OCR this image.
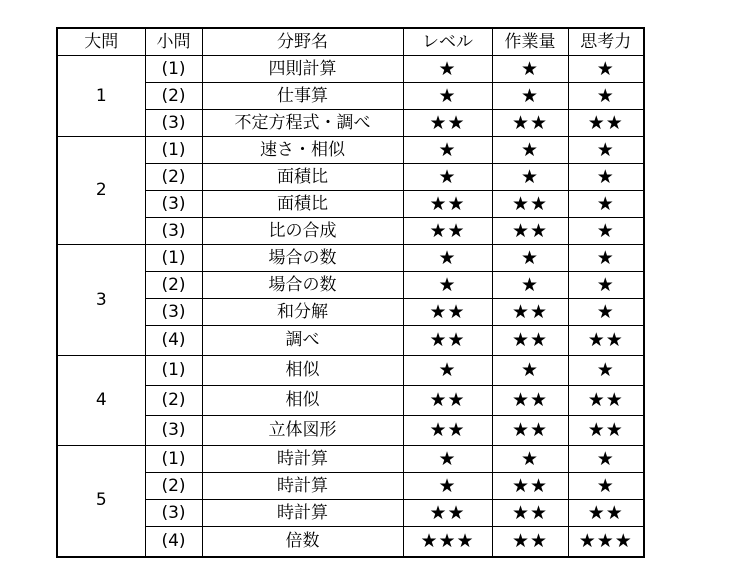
大問	小問	分野名	レベル	作業量	思考力
1	(1)	四則計算	★	★	★
	(2)	仕事算	★	★	★
	(3)	不定方程式・調べ	★★	★★	★★
2	(1)	速さ・相似	★	★	★
	(2)	面積比	★	★	★
	(3)	面積比	★★	★★	★
	(3)	比の合成	★★	★★	★
3	(1)	場合の数	★	★	★
	(2)	場合の数	★	★	★
	(3)	和分解	★★	★★	★
	(4)	調べ	★★	★★	★★
4	(1)	相似	★	★	★
	(2)	相似	★★	★★	★★
	(3)	立体図形	★★	★★	★★
5	(1)	時計算	★	★	★
	(2)	時計算	★	★★	★
	(3)	時計算	★★	★★	★★
	(4)	倍数	★★★	★★	★★★
